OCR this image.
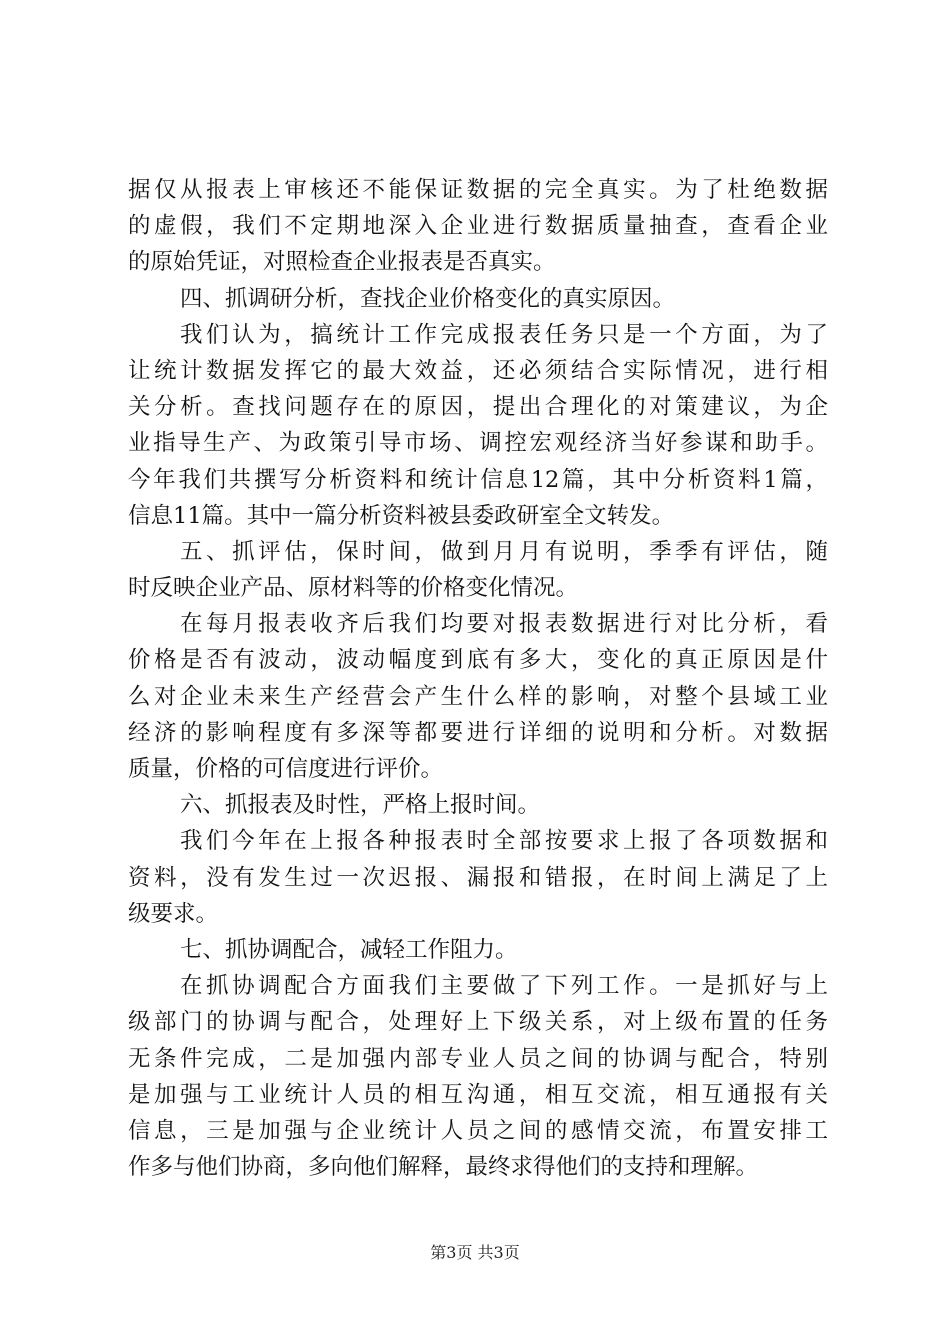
据仅从报表上审核还不能保证数据的完全真实。为了杜绝数据
的虚假，我们不定期地深入企业进行数据质量抽查，查看企业
的原始凭证，对照检查企业报表是否真实。
四、抓调研分析，查找企业价格变化的真实原因。
我们认为，搞统计工作完成报表任务只是一个方面，为了
让统计数据发挥它的最大效益，还必须结合实际情况，进行相
关分析。查找问题存在的原因，提出合理化的对策建议，为企
业指导生产、为政策引导市场、调控宏观经济当好参谋和助手。
今年我们共撰写分析资料和统计信息12篇，其中分析资料1篇，
信息11篇。其中一篇分析资料被县委政研室全文转发。
五、抓评估，保时间，做到月月有说明，季季有评估，随
时反映企业产品、原材料等的价格变化情况。
在每月报表收齐后我们均要对报表数据进行对比分析，看
价格是否有波动，波动幅度到底有多大，变化的真正原因是什
么对企业未来生产经营会产生什么样的影响，对整个县域工业
经济的影响程度有多深等都要进行详细的说明和分析。对数据
质量，价格的可信度进行评价。
六、抓报表及时性，严格上报时间。
我们今年在上报各种报表时全部按要求上报了各项数据和
资料，没有发生过一次迟报、漏报和错报，在时间上满足了上
级要求。
七、抓协调配合，减轻工作阻力。
在抓协调配合方面我们主要做了下列工作。一是抓好与上
级部门的协调与配合，处理好上下级关系，对上级布置的任务
无条件完成，二是加强内部专业人员之间的协调与配合，特别
是加强与工业统计人员的相互沟通，相互交流，相互通报有关
信息，三是加强与企业统计人员之间的感情交流，布置安排工
作多与他们协商，多向他们解释，最终求得他们的支持和理解。
第3页 共3页
